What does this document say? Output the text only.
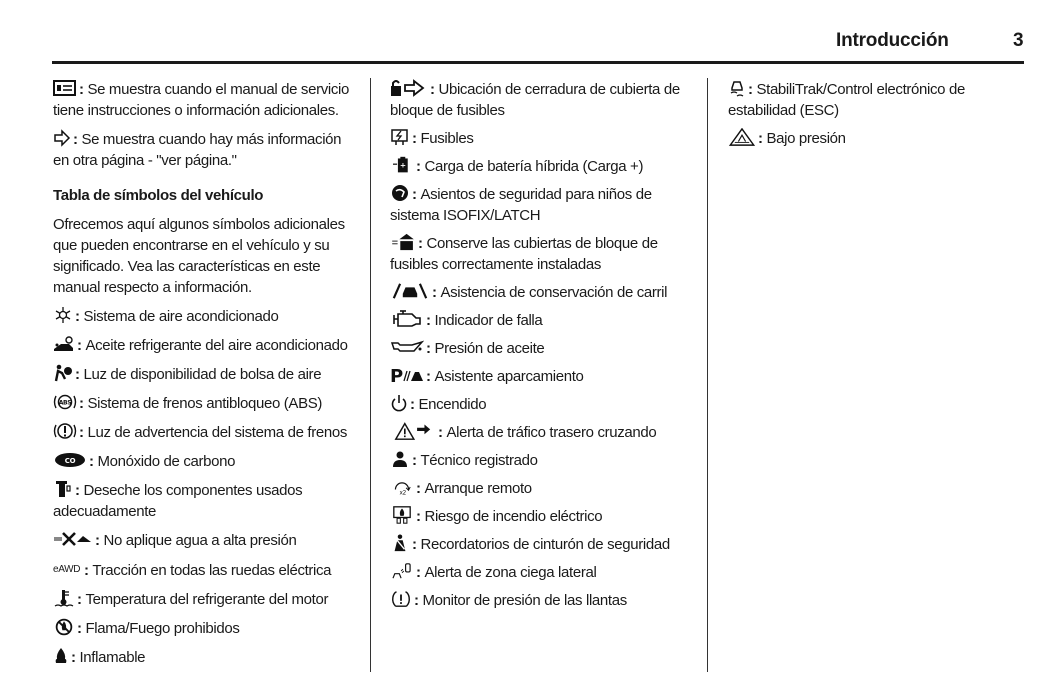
Introducción	3

: Se muestra cuando el manual de servicio tiene instrucciones o información adicionales.

: Se muestra cuando hay más información en otra página - "ver página."

Tabla de símbolos del vehículo

Ofrecemos aquí algunos símbolos adicionales que pueden encontrarse en el vehículo y su significado. Vea las características en este manual respecto a información.

: Sistema de aire acondicionado

: Aceite refrigerante del aire acondicionado

: Luz de disponibilidad de bolsa de aire

ABS : Sistema de frenos antibloqueo (ABS)

: Luz de advertencia del sistema de frenos

CO : Monóxido de carbono

: Deseche los componentes usados adecuadamente

: No aplique agua a alta presión

$^{eAWD}$ : Tracción en todas las ruedas eléctrica

: Temperatura del refrigerante del motor

: Flama/Fuego prohibidos

: Inflamable

: Ubicación de cerradura de cubierta de bloque de fusibles

: Fusibles

+ : Carga de batería híbrida (Carga +)

: Asientos de seguridad para niños de sistema ISOFIX/LATCH

: Conserve las cubiertas de bloque de fusibles correctamente instaladas

: Asistencia de conservación de carril

: Indicador de falla

: Presión de aceite

P : Asistente aparcamiento

: Encendido

: Alerta de tráfico trasero cruzando

: Técnico registrado

x2 : Arranque remoto

: Riesgo de incendio eléctrico

: Recordatorios de cinturón de seguridad

: Alerta de zona ciega lateral

: Monitor de presión de las llantas

: StabiliTrak/Control electrónico de estabilidad (ESC)

: Bajo presión
